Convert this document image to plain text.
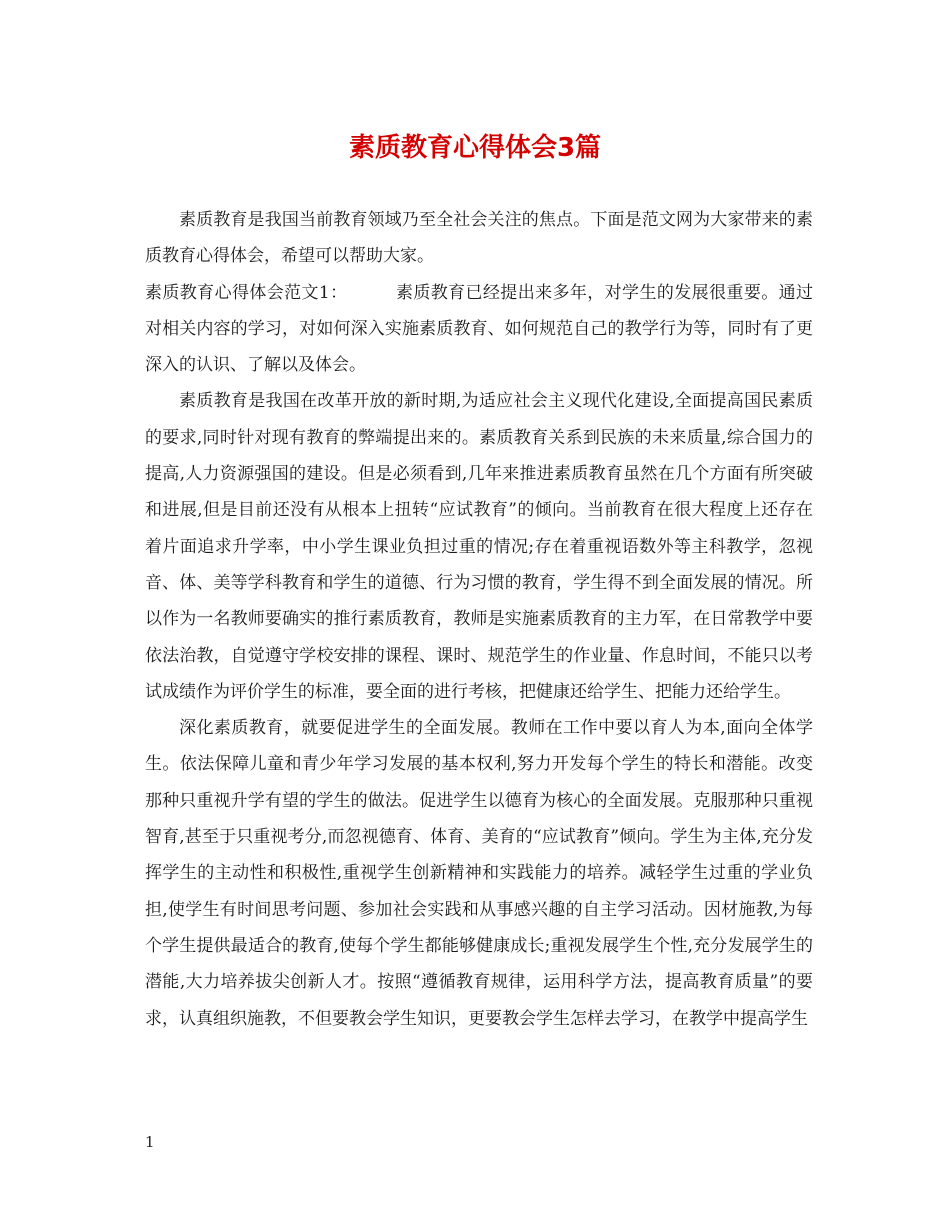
素质教育心得体会3篇

素质教育是我国当前教育领域乃至全社会关注的焦点。下面是范文网为大家带来的素质教育心得体会，希望可以帮助大家。

素质教育心得体会范文1：	素质教育已经提出来多年，对学生的发展很重要。通过对相关内容的学习，对如何深入实施素质教育、如何规范自己的教学行为等，同时有了更深入的认识、了解以及体会。

素质教育是我国在改革开放的新时期,为适应社会主义现代化建设,全面提高国民素质的要求,同时针对现有教育的弊端提出来的。素质教育关系到民族的未来质量,综合国力的提高,人力资源强国的建设。但是必须看到,几年来推进素质教育虽然在几个方面有所突破和进展,但是目前还没有从根本上扭转“应试教育”的倾向。当前教育在很大程度上还存在着片面追求升学率，中小学生课业负担过重的情况;存在着重视语数外等主科教学，忽视音、体、美等学科教育和学生的道德、行为习惯的教育，学生得不到全面发展的情况。所以作为一名教师要确实的推行素质教育，教师是实施素质教育的主力军，在日常教学中要依法治教，自觉遵守学校安排的课程、课时、规范学生的作业量、作息时间，不能只以考试成绩作为评价学生的标准，要全面的进行考核，把健康还给学生、把能力还给学生。

深化素质教育，就要促进学生的全面发展。教师在工作中要以育人为本,面向全体学生。依法保障儿童和青少年学习发展的基本权利,努力开发每个学生的特长和潜能。改变那种只重视升学有望的学生的做法。促进学生以德育为核心的全面发展。克服那种只重视智育,甚至于只重视考分,而忽视德育、体育、美育的“应试教育”倾向。学生为主体,充分发挥学生的主动性和积极性,重视学生创新精神和实践能力的培养。减轻学生过重的学业负担,使学生有时间思考问题、参加社会实践和从事感兴趣的自主学习活动。因材施教,为每个学生提供最适合的教育,使每个学生都能够健康成长;重视发展学生个性,充分发展学生的潜能,大力培养拔尖创新人才。按照“遵循教育规律，运用科学方法，提高教育质量”的要求，认真组织施教，不但要教会学生知识，更要教会学生怎样去学习，在教学中提高学生

1
